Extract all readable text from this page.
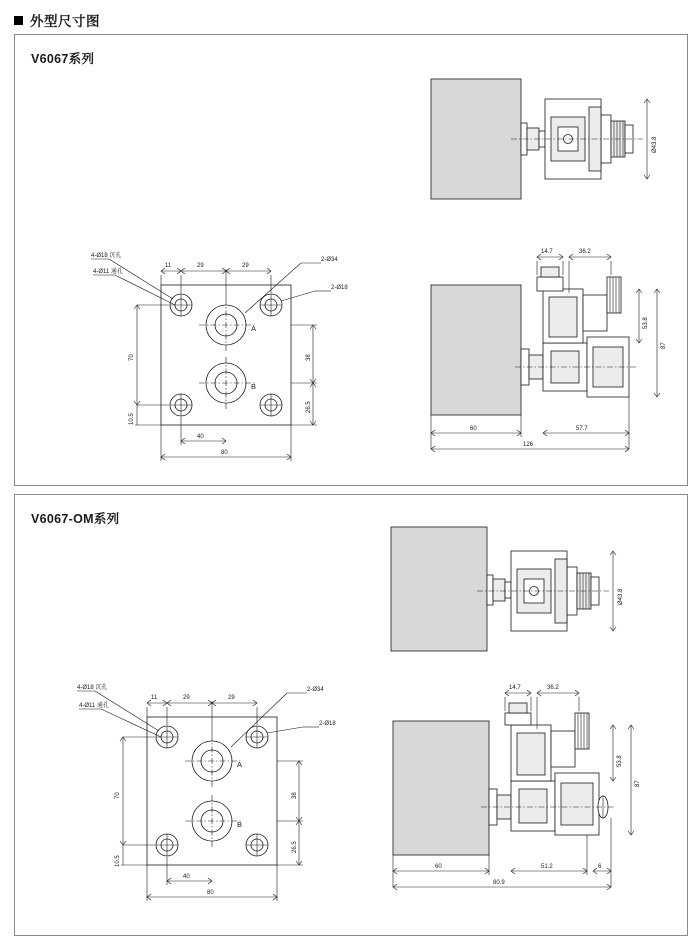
外型尺寸图
V6067系列
Ø43.8
14.7	36.2
53.8
87
60	57.7
126
A
B
4-Ø18 沉孔
4-Ø11 通孔
2-Ø34
2-Ø18
11	29	29
70
10.5
38
26.5
40
80
V6067-OM系列
Ø43.8
14.7	36.2
53.8
87
60	51.2	6
80.9
A
B
4-Ø18 沉孔
4-Ø11 通孔
2-Ø34
2-Ø18
11	29	29
70
10.5
38
26.5
40
80
